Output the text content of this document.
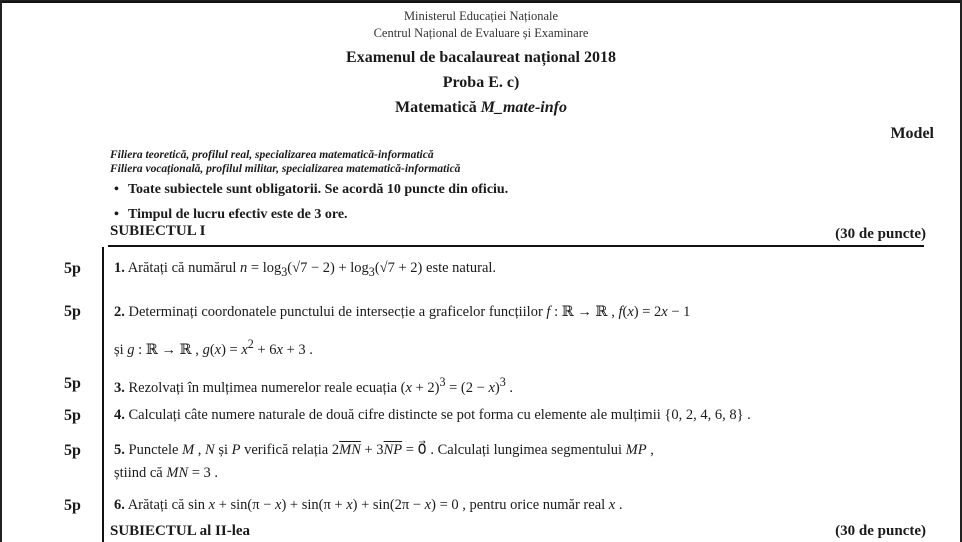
Ministerul Educației Naționale
Centrul Național de Evaluare și Examinare
Examenul de bacalaureat național 2018
Proba E. c)
Matematică M_mate-info
Model
Filiera teoretică, profilul real, specializarea matematică-informatică
Filiera vocațională, profilul militar, specializarea matematică-informatică
• Toate subiectele sunt obligatorii. Se acordă 10 puncte din oficiu.
• Timpul de lucru efectiv este de 3 ore.
SUBIECTUL I	(30 de puncte)
5p 1. Arătați că numărul $n = \log_3(√7 - 2) + \log_3(√7 + 2)$ este natural.
5p 2. Determinați coordonatele punctului de intersecție a graficelor funcțiilor f : ℝ → ℝ , f(x) = 2x − 1
și g : ℝ → ℝ , $g(x) = x^2 + 6x + 3$ .
5p 3. Rezolvați în mulțimea numerelor reale ecuația $(x + 2)^3 = (2 - x)^3$ .
5p 4. Calculați câte numere naturale de două cifre distincte se pot forma cu elemente ale mulțimii {0, 2, 4, 6, 8} .
5p 5. Punctele M , N și P verifică relația $2\overline{MN} + 3\overline{NP}$ = 0⃗ . Calculați lungimea segmentului MP ,
știind că MN = 3 .
5p 6. Arătați că sin x + sin(π − x) + sin(π + x) + sin(2π − x) = 0 , pentru orice număr real x .
SUBIECTUL al II-lea	(30 de puncte)
